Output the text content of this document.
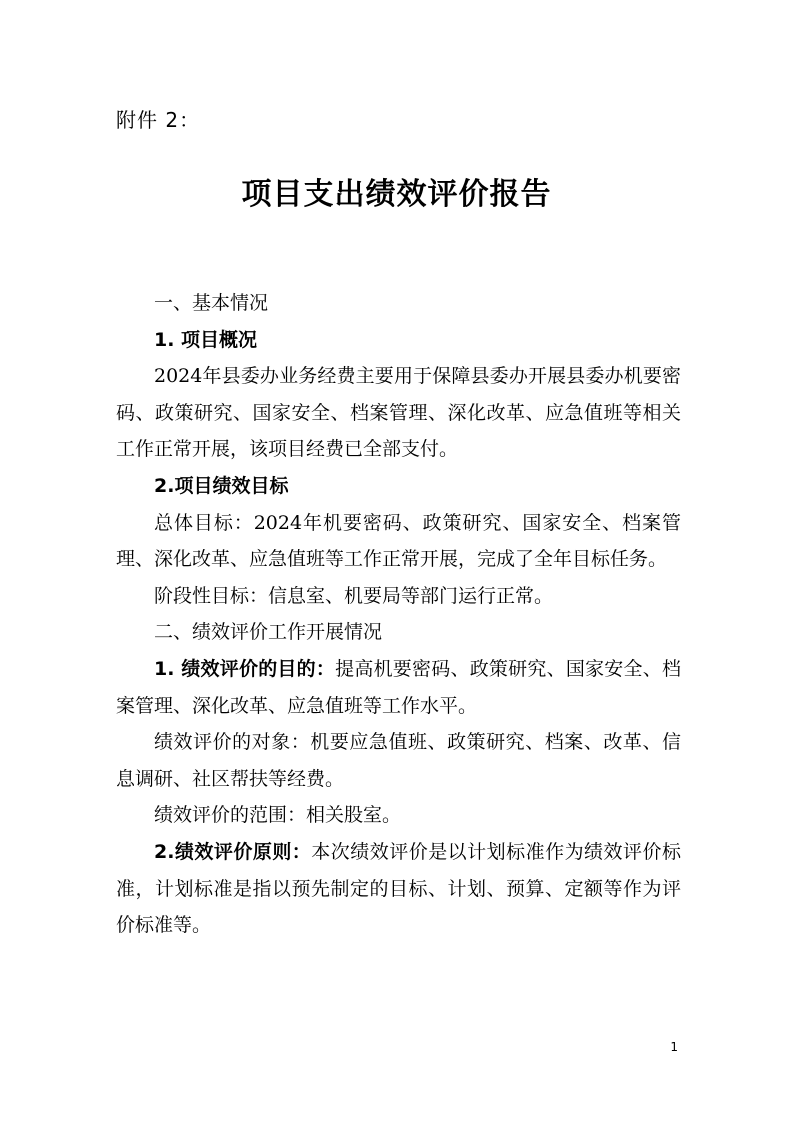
附件 2：
项目支出绩效评价报告

一、基本情况

1. 项目概况

2024年县委办业务经费主要用于保障县委办开展县委办机要密码、政策研究、国家安全、档案管理、深化改革、应急值班等相关工作正常开展，该项目经费已全部支付。

2.项目绩效目标

总体目标：2024年机要密码、政策研究、国家安全、档案管理、深化改革、应急值班等工作正常开展，完成了全年目标任务。

阶段性目标：信息室、机要局等部门运行正常。

二、绩效评价工作开展情况

1. 绩效评价的目的：提高机要密码、政策研究、国家安全、档案管理、深化改革、应急值班等工作水平。

绩效评价的对象：机要应急值班、政策研究、档案、改革、信息调研、社区帮扶等经费。

绩效评价的范围：相关股室。

2.绩效评价原则：本次绩效评价是以计划标准作为绩效评价标准，计划标准是指以预先制定的目标、计划、预算、定额等作为评价标准等。

1
